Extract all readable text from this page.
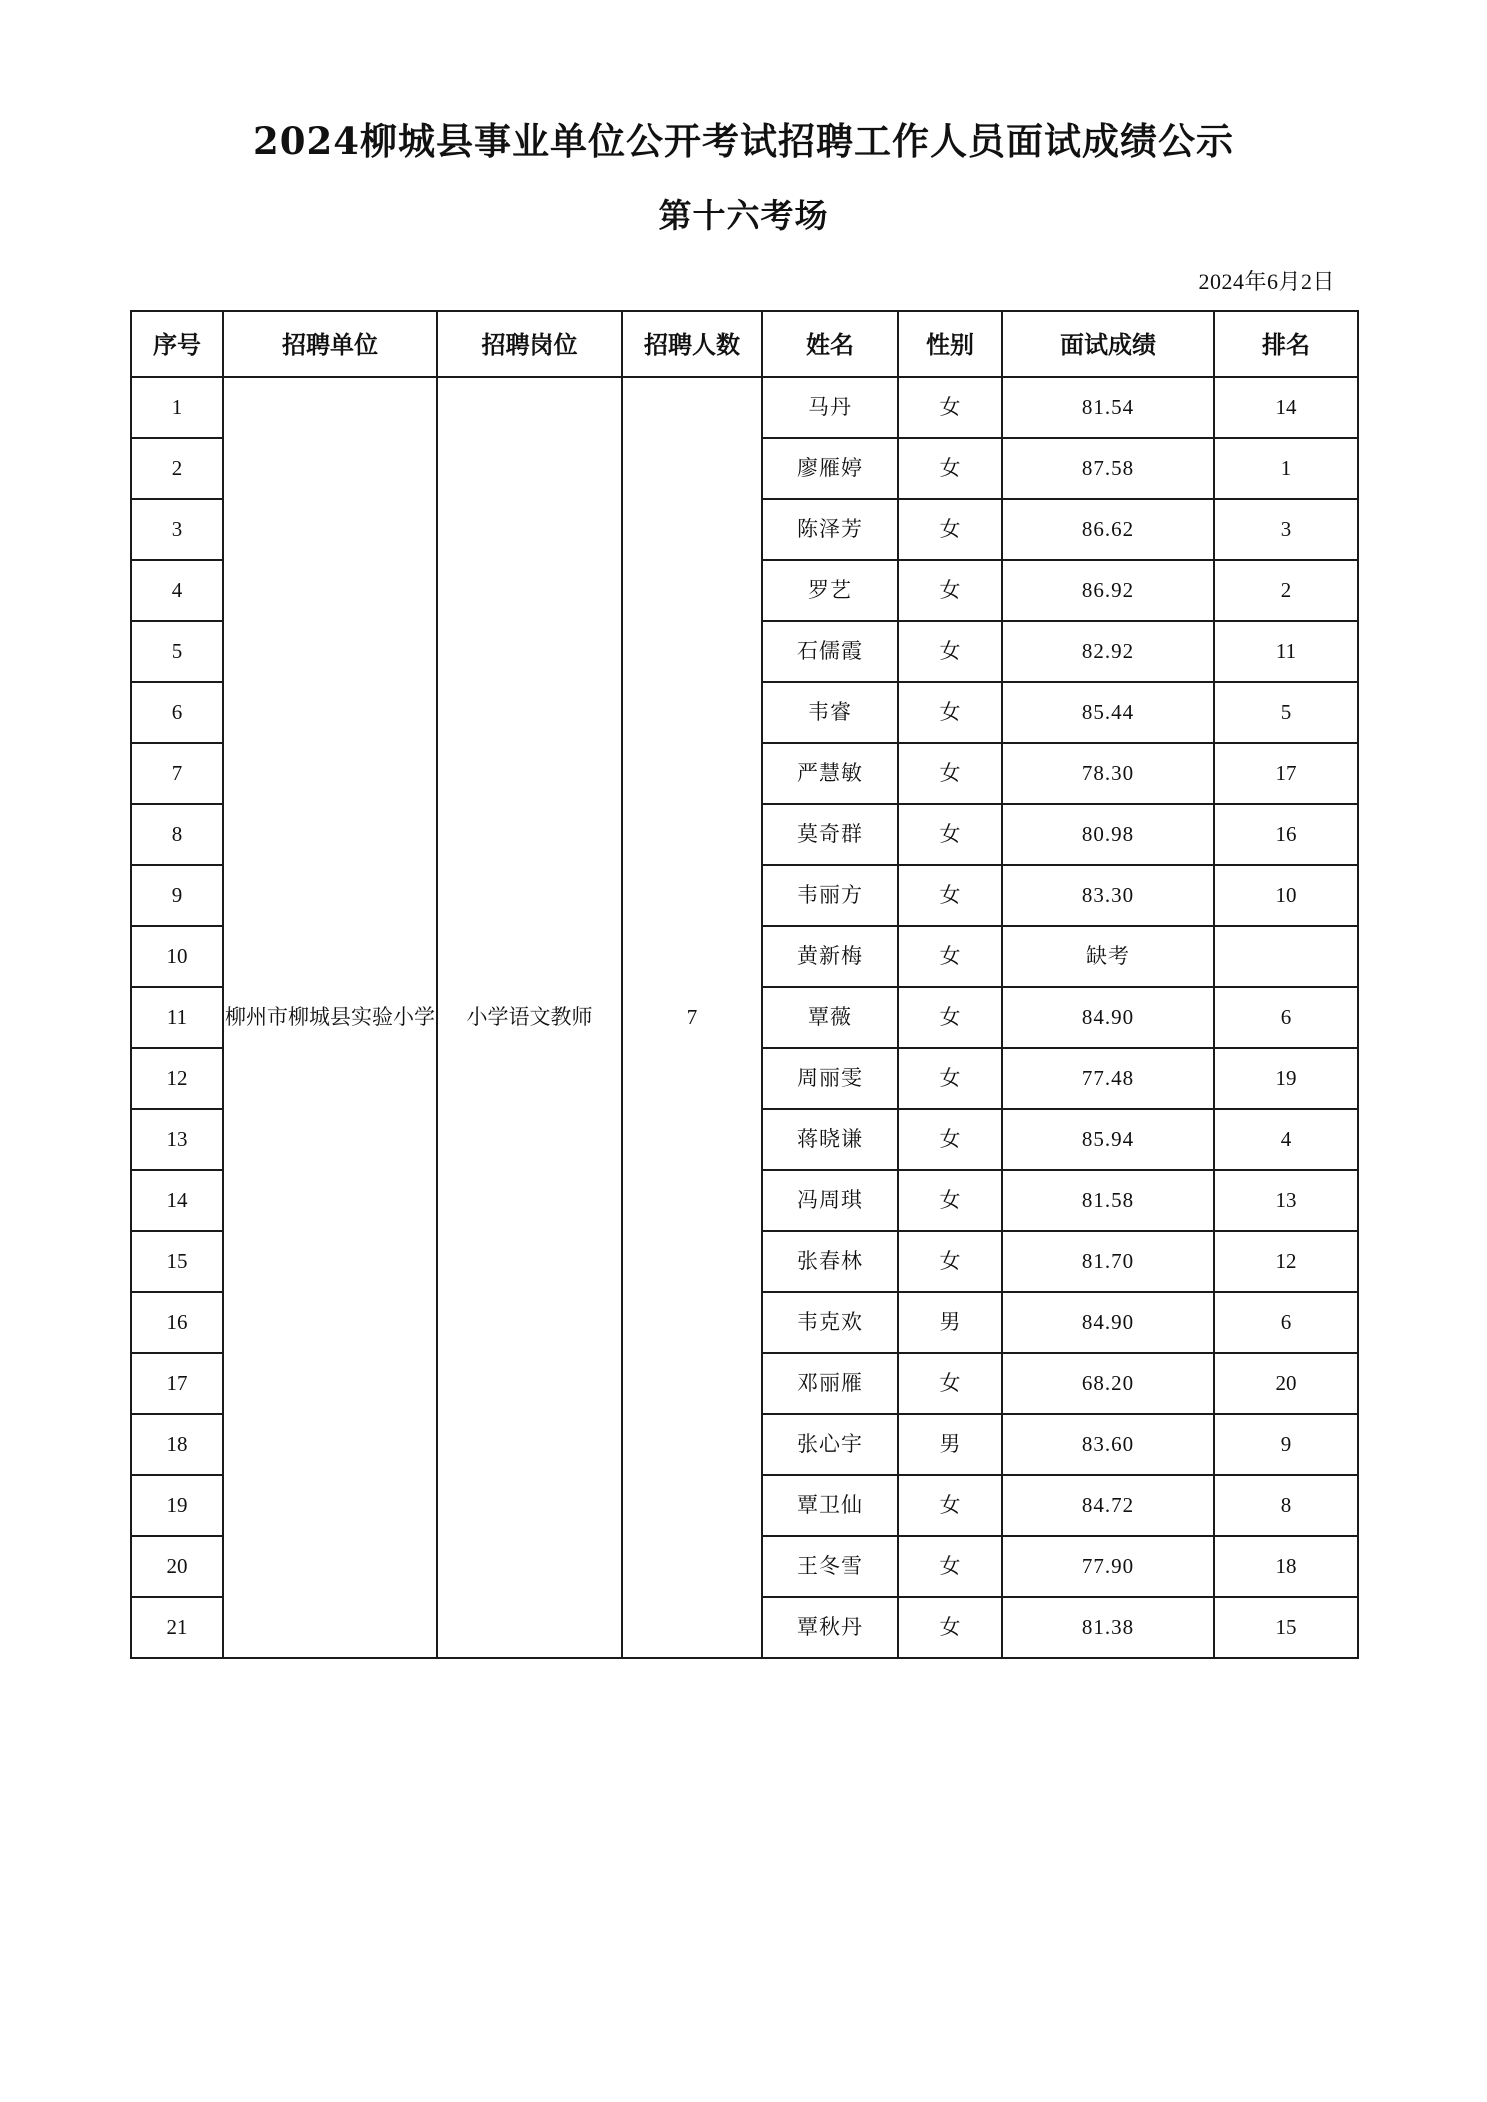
2024柳城县事业单位公开考试招聘工作人员面试成绩公示
第十六考场
2024年6月2日
序号	招聘单位	招聘岗位	招聘人数	姓名	性别	面试成绩	排名
1	柳州市柳城县实验小学	小学语文教师	7	马丹	女	81.54	14
2				廖雁婷	女	87.58	1
3				陈泽芳	女	86.62	3
4				罗艺	女	86.92	2
5				石儒霞	女	82.92	11
6				韦睿	女	85.44	5
7				严慧敏	女	78.30	17
8				莫奇群	女	80.98	16
9				韦丽方	女	83.30	10
10				黄新梅	女	缺考	
11				覃薇	女	84.90	6
12				周丽雯	女	77.48	19
13				蒋晓谦	女	85.94	4
14				冯周琪	女	81.58	13
15				张春林	女	81.70	12
16				韦克欢	男	84.90	6
17				邓丽雁	女	68.20	20
18				张心宇	男	83.60	9
19				覃卫仙	女	84.72	8
20				王冬雪	女	77.90	18
21				覃秋丹	女	81.38	15
